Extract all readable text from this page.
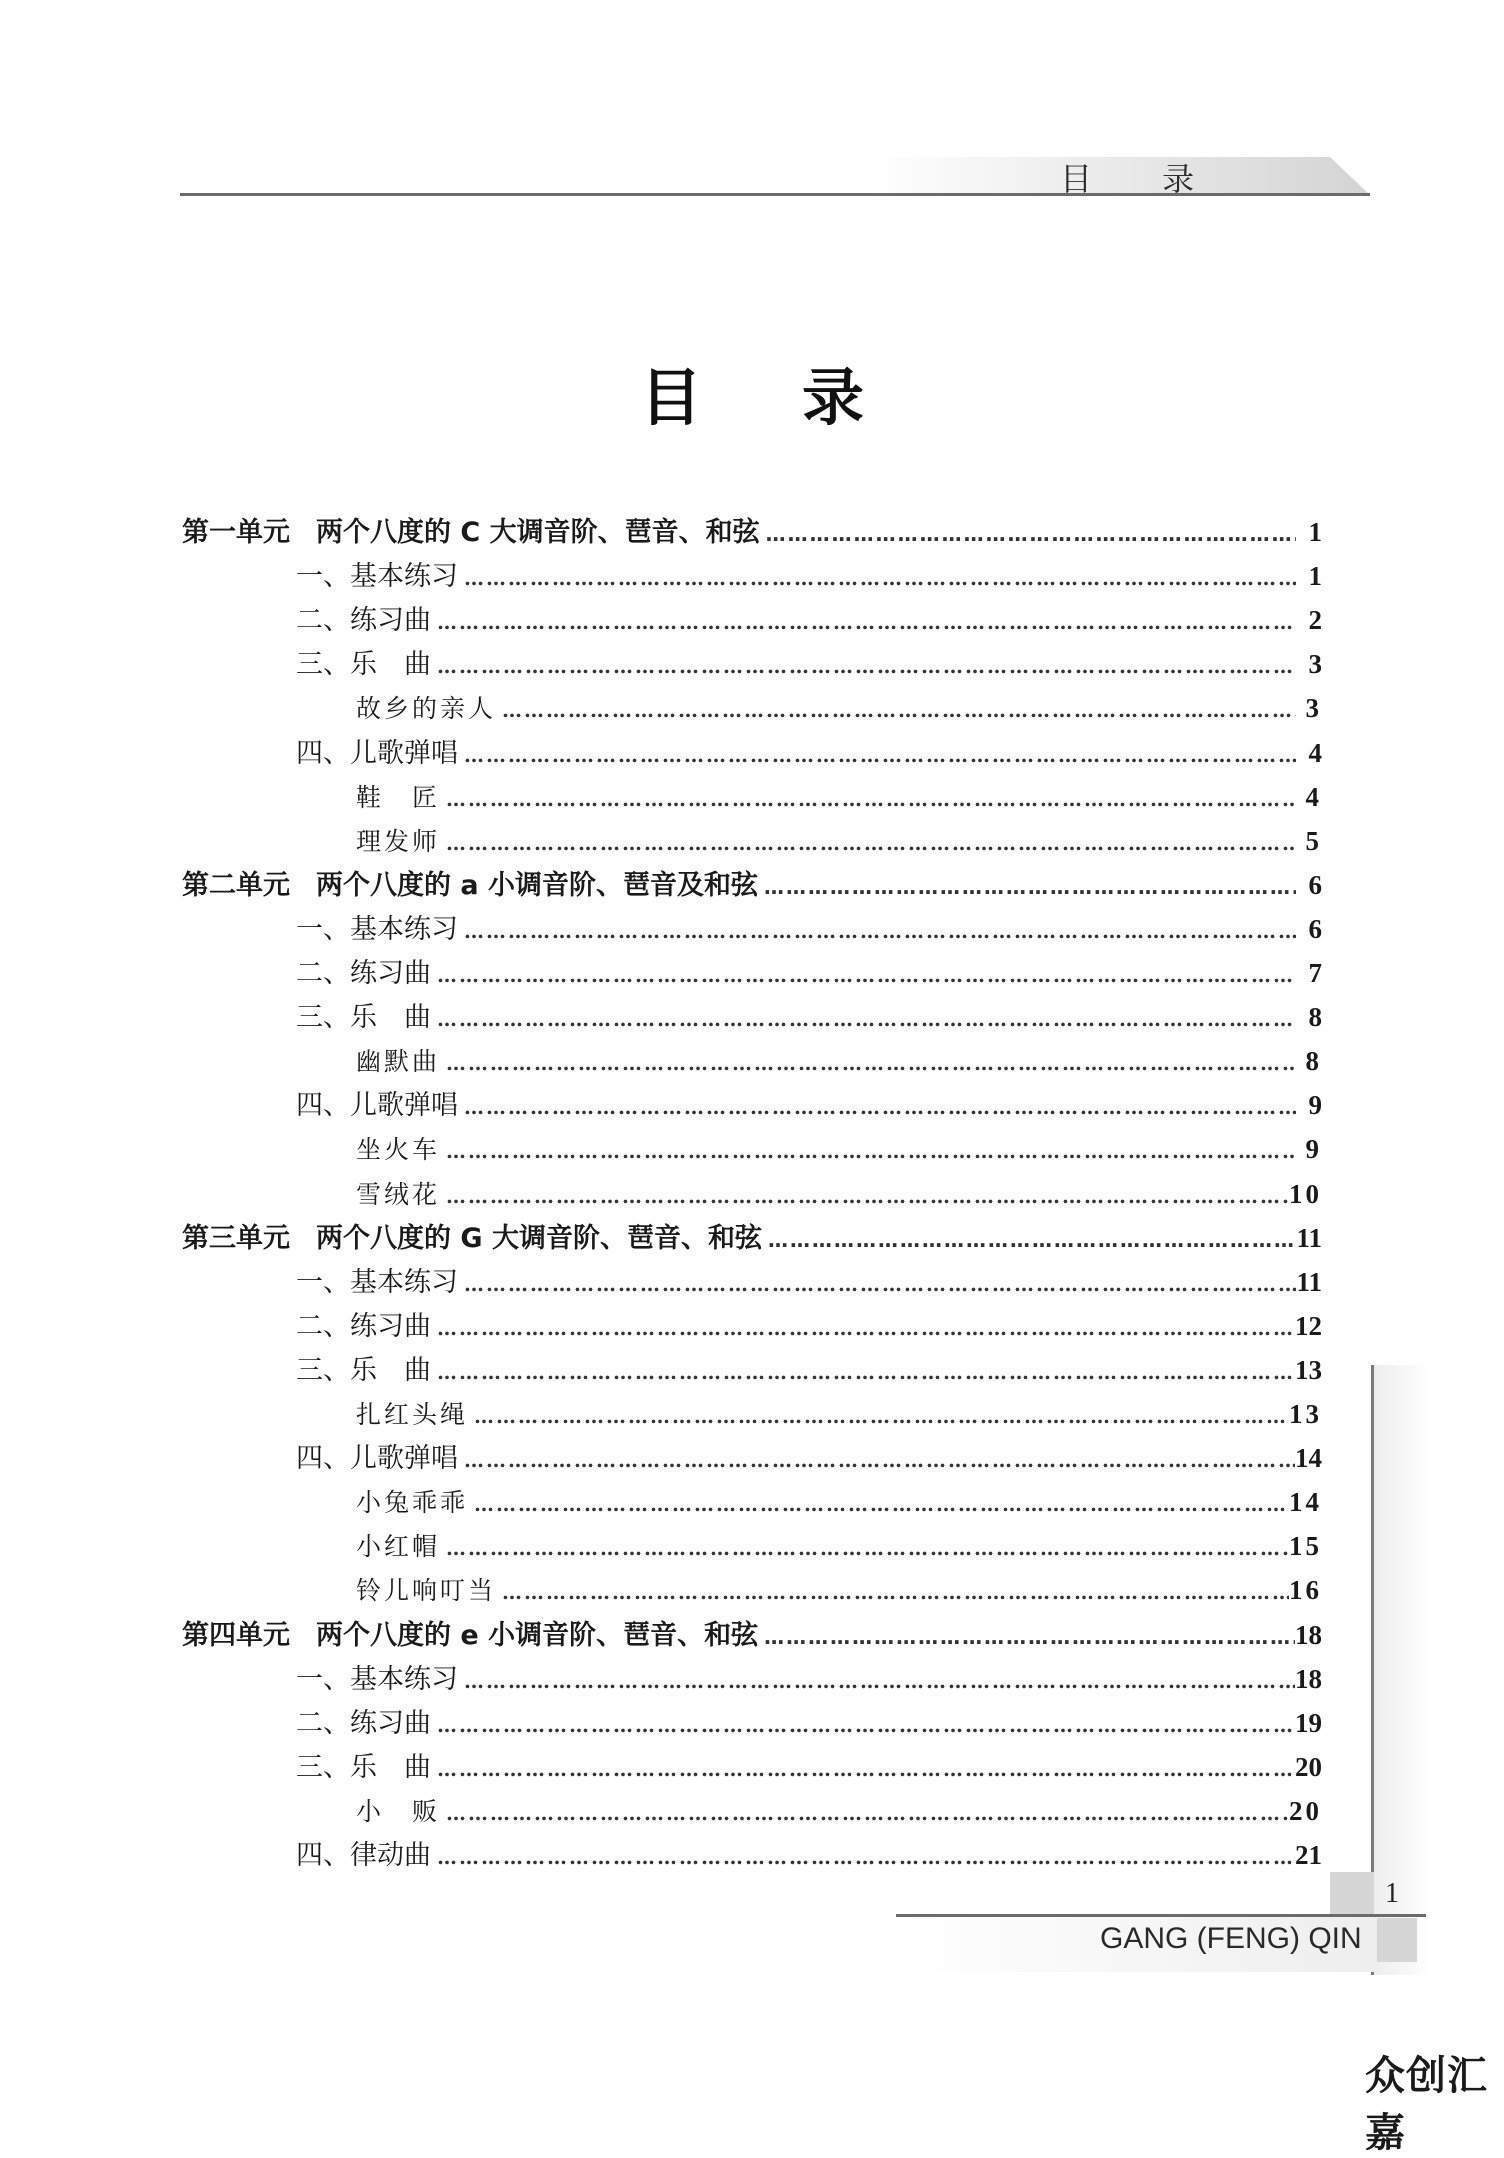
目 录
目录
第一单元 两个八度的 C 大调音阶、琶音、和弦 ……………………………………………………………………………………………………………………………………………………………………………………………	1
一、基本练习 ……………………………………………………………………………………………………………………………………………………………………………………………	1
二、练习曲 ……………………………………………………………………………………………………………………………………………………………………………………………	2
三、乐　曲 ……………………………………………………………………………………………………………………………………………………………………………………………	3
故乡的亲人 ……………………………………………………………………………………………………………………………………………………………………………………………	3
四、儿歌弹唱 ……………………………………………………………………………………………………………………………………………………………………………………………	4
鞋　匠 ……………………………………………………………………………………………………………………………………………………………………………………………	4
理发师 ……………………………………………………………………………………………………………………………………………………………………………………………	5
第二单元 两个八度的 a 小调音阶、琶音及和弦 ……………………………………………………………………………………………………………………………………………………………………………………………	6
一、基本练习 ……………………………………………………………………………………………………………………………………………………………………………………………	6
二、练习曲 ……………………………………………………………………………………………………………………………………………………………………………………………	7
三、乐　曲 ……………………………………………………………………………………………………………………………………………………………………………………………	8
幽默曲 ……………………………………………………………………………………………………………………………………………………………………………………………	8
四、儿歌弹唱 ……………………………………………………………………………………………………………………………………………………………………………………………	9
坐火车 ……………………………………………………………………………………………………………………………………………………………………………………………	9
雪绒花 ……………………………………………………………………………………………………………………………………………………………………………………………	10
第三单元 两个八度的 G 大调音阶、琶音、和弦 ……………………………………………………………………………………………………………………………………………………………………………………………	11
一、基本练习 ……………………………………………………………………………………………………………………………………………………………………………………………	11
二、练习曲 ……………………………………………………………………………………………………………………………………………………………………………………………	12
三、乐　曲 ……………………………………………………………………………………………………………………………………………………………………………………………	13
扎红头绳 ……………………………………………………………………………………………………………………………………………………………………………………………	13
四、儿歌弹唱 ……………………………………………………………………………………………………………………………………………………………………………………………	14
小兔乖乖 ……………………………………………………………………………………………………………………………………………………………………………………………	14
小红帽 ……………………………………………………………………………………………………………………………………………………………………………………………	15
铃儿响叮当 ……………………………………………………………………………………………………………………………………………………………………………………………	16
第四单元 两个八度的 e 小调音阶、琶音、和弦 ……………………………………………………………………………………………………………………………………………………………………………………………	18
一、基本练习 ……………………………………………………………………………………………………………………………………………………………………………………………	18
二、练习曲 ……………………………………………………………………………………………………………………………………………………………………………………………	19
三、乐　曲 ……………………………………………………………………………………………………………………………………………………………………………………………	20
小　贩 ……………………………………………………………………………………………………………………………………………………………………………………………	20
四、律动曲 ……………………………………………………………………………………………………………………………………………………………………………………………	21
1
GANG (FENG) QIN
众创汇嘉
